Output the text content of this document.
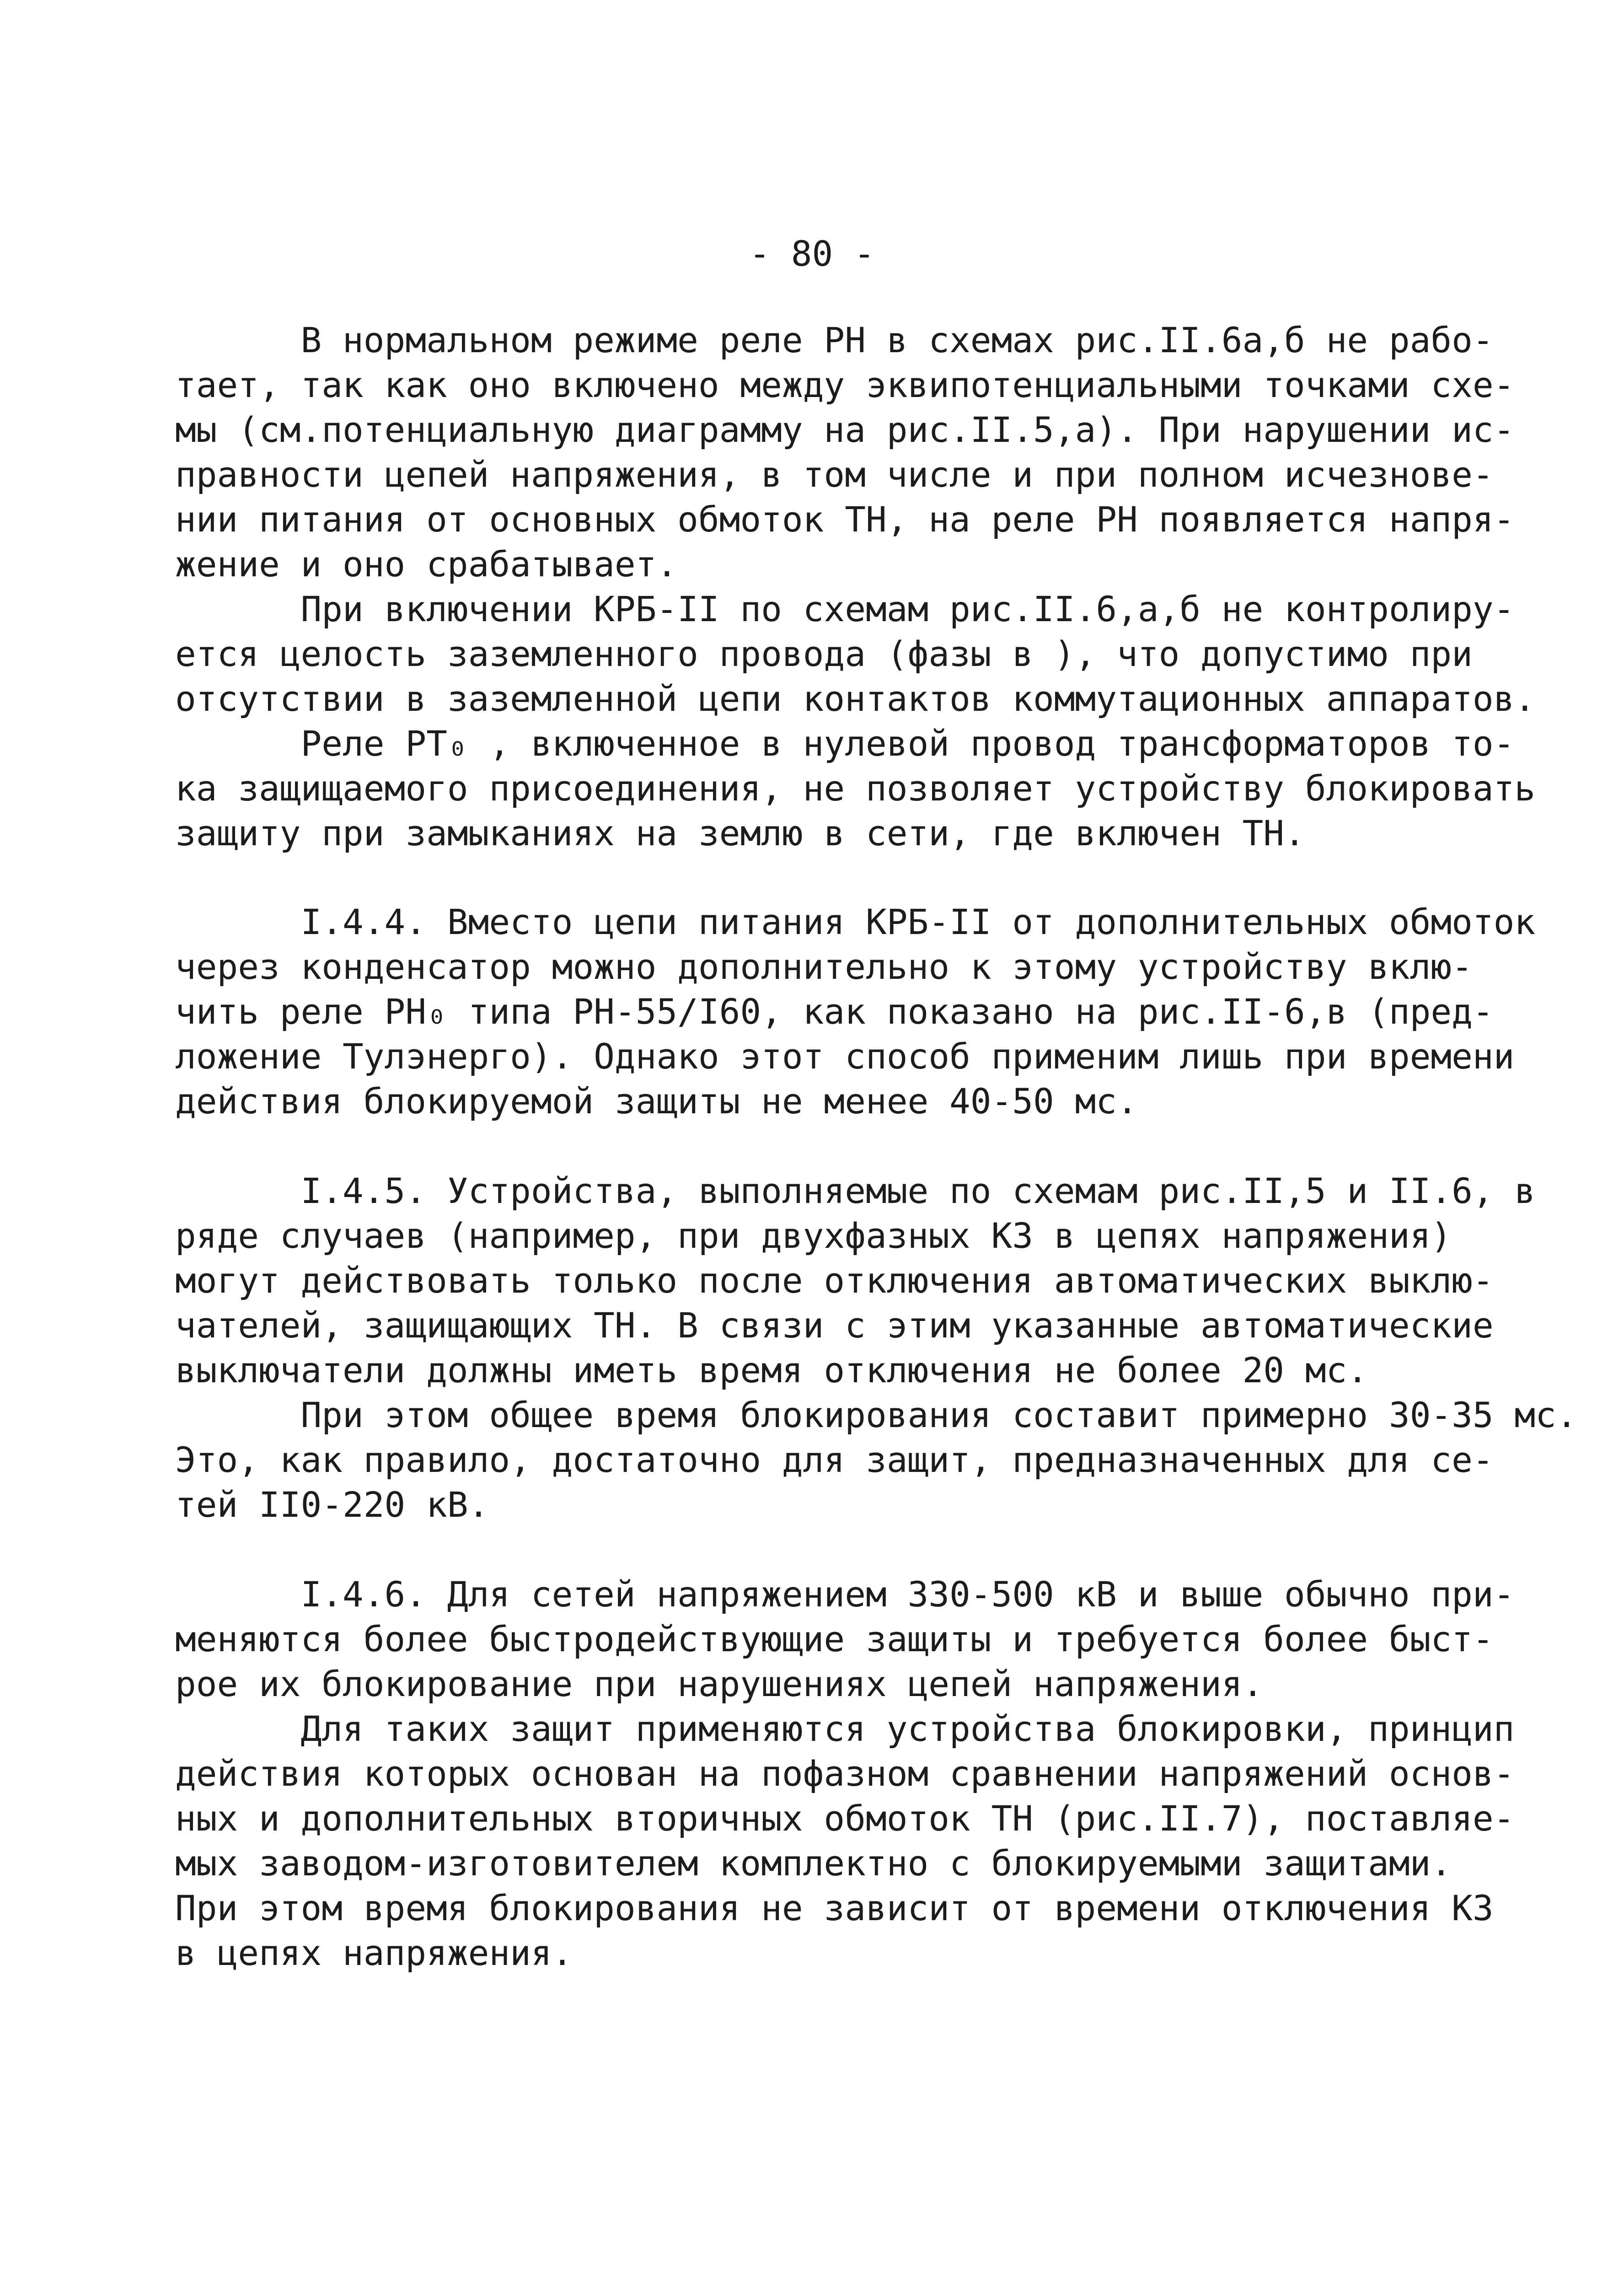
- 80 -
В нормальном режиме реле PH в схемах рис.II.6а,б не рабо-
тает, так как оно включено между эквипотенциальными точками схе-
мы (см.потенциальную диаграмму на рис.II.5,а). При нарушении ис-
правности цепей напряжения, в том числе и при полном исчезнове-
нии питания от основных обмоток ТН, на реле PH появляется напря-
жение и оно срабатывает.
При включении КРБ-II по схемам рис.II.6,а,б не контролиру-
ется целость заземленного провода (фазы в ), что допустимо при
отсутствии в заземленной цепи контактов коммутационных аппаратов.
Реле PT₀ , включенное в нулевой провод трансформаторов то-
ка защищаемого присоединения, не позволяет устройству блокировать
защиту при замыканиях на землю в сети, где включен ТН.
I.4.4. Вместо цепи питания КРБ-II от дополнительных обмоток
через конденсатор можно дополнительно к этому устройству вклю-
чить реле РН₀ типа РН-55/I60, как показано на рис.II-6,в (пред-
ложение Тулэнерго). Однако этот способ применим лишь при времени
действия блокируемой защиты не менее 40-50 мс.
I.4.5. Устройства, выполняемые по схемам рис.II,5 и II.6, в
ряде случаев (например, при двухфазных КЗ в цепях напряжения)
могут действовать только после отключения автоматических выклю-
чателей, защищающих ТН. В связи с этим указанные автоматические
выключатели должны иметь время отключения не более 20 мс.
При этом общее время блокирования составит примерно 30-35 мс.
Это, как правило, достаточно для защит, предназначенных для се-
тей II0-220 кВ.
I.4.6. Для сетей напряжением 330-500 кВ и выше обычно при-
меняются более быстродействующие защиты и требуется более быст-
рое их блокирование при нарушениях цепей напряжения.
Для таких защит применяются устройства блокировки, принцип
действия которых основан на пофазном сравнении напряжений основ-
ных и дополнительных вторичных обмоток ТН (рис.II.7), поставляе-
мых заводом-изготовителем комплектно с блокируемыми защитами.
При этом время блокирования не зависит от времени отключения КЗ
в цепях напряжения.
